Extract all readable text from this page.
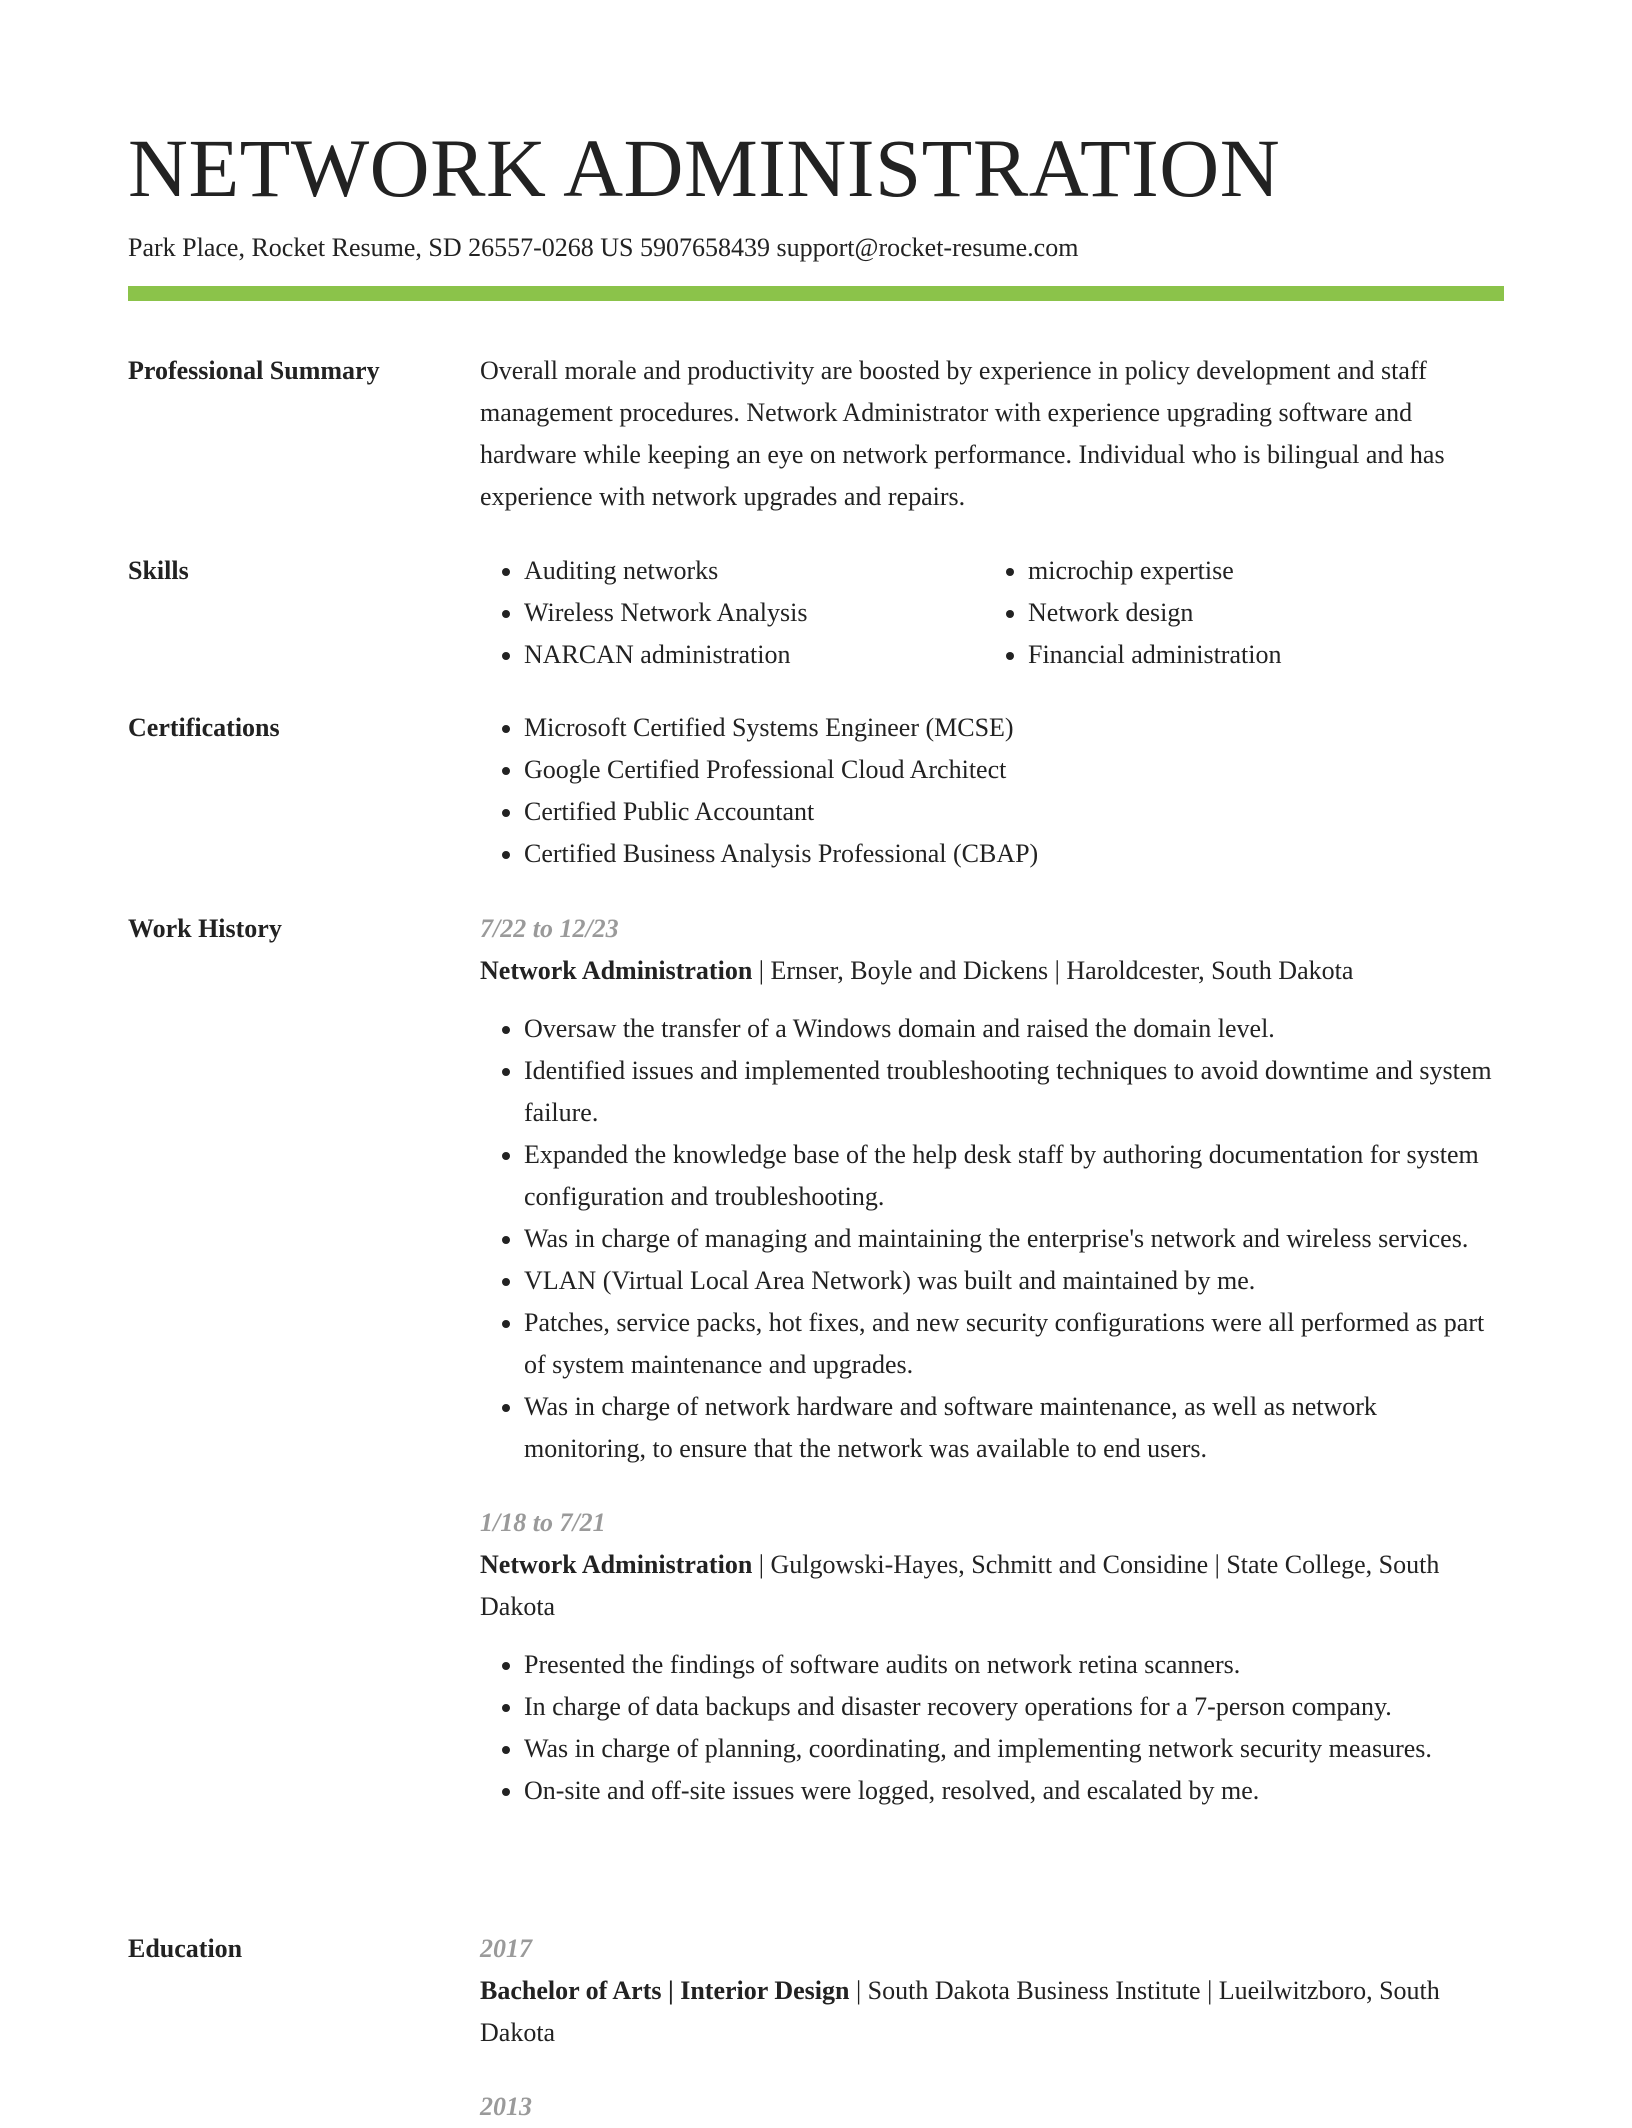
NETWORK ADMINISTRATION
Park Place, Rocket Resume, SD 26557-0268 US 5907658439 support@rocket-resume.com
Professional Summary	Overall morale and productivity are boosted by experience in policy development and staff management procedures. Network Administrator with experience upgrading software and hardware while keeping an eye on network performance. Individual who is bilingual and has experience with network upgrades and repairs.

Skills	• Auditing networks
• Wireless Network Analysis
• NARCAN administration
• microchip expertise
• Network design
• Financial administration
Certifications	• Microsoft Certified Systems Engineer (MCSE)
• Google Certified Professional Cloud Architect
• Certified Public Accountant
• Certified Business Analysis Professional (CBAP)
Work History	7/22 to 12/23
Network Administration | Ernser, Boyle and Dickens | Haroldcester, South Dakota
• Oversaw the transfer of a Windows domain and raised the domain level.
• Identified issues and implemented troubleshooting techniques to avoid downtime and system failure.
• Expanded the knowledge base of the help desk staff by authoring documentation for system configuration and troubleshooting.
• Was in charge of managing and maintaining the enterprise's network and wireless services.
• VLAN (Virtual Local Area Network) was built and maintained by me.
• Patches, service packs, hot fixes, and new security configurations were all performed as part of system maintenance and upgrades.
• Was in charge of network hardware and software maintenance, as well as network monitoring, to ensure that the network was available to end users.
1/18 to 7/21
Network Administration | Gulgowski-Hayes, Schmitt and Considine | State College, South Dakota
• Presented the findings of software audits on network retina scanners.
• In charge of data backups and disaster recovery operations for a 7-person company.
• Was in charge of planning, coordinating, and implementing network security measures.
• On-site and off-site issues were logged, resolved, and escalated by me.
Education	2017
Bachelor of Arts | Interior Design | South Dakota Business Institute | Lueilwitzboro, South Dakota
2013
